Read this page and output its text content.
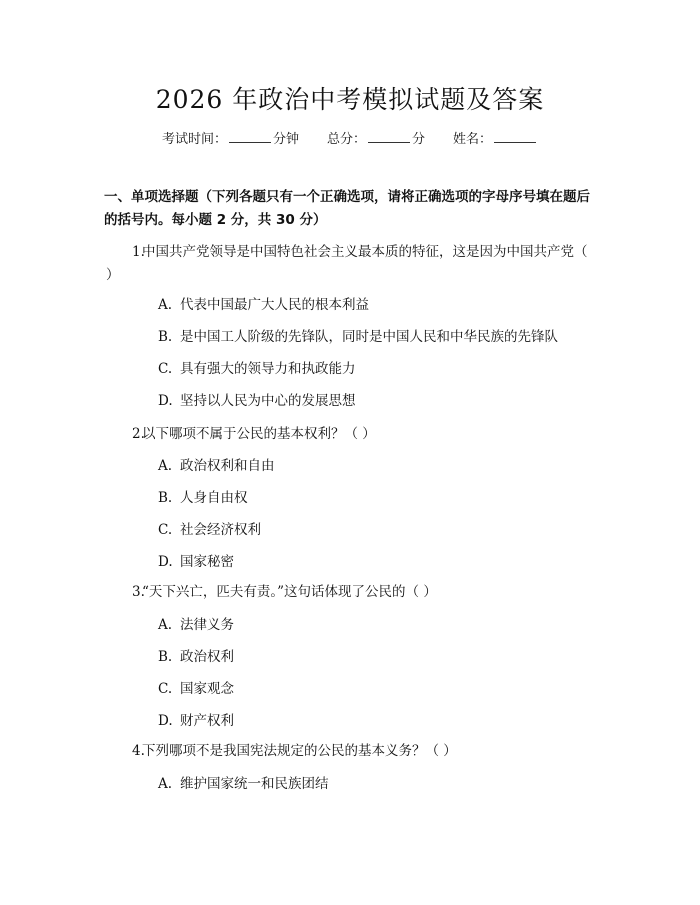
2026 年政治中考模拟试题及答案
考试时间：	分钟 总分：	分 姓名：
一、单项选择题（下列各题只有一个正确选项，请将正确选项的字母序号填在题后的括号内。每小题 2 分，共 30 分）
1.中国共产党领导是中国特色社会主义最本质的特征，这是因为中国共产党（ ）
A. 代表中国最广大人民的根本利益
B. 是中国工人阶级的先锋队，同时是中国人民和中华民族的先锋队
C. 具有强大的领导力和执政能力
D. 坚持以人民为中心的发展思想
2.以下哪项不属于公民的基本权利？（ ）
A. 政治权利和自由
B. 人身自由权
C. 社会经济权利
D. 国家秘密
3.“天下兴亡，匹夫有责。”这句话体现了公民的（ ）
A. 法律义务
B. 政治权利
C. 国家观念
D. 财产权利
4.下列哪项不是我国宪法规定的公民的基本义务？（ ）
A. 维护国家统一和民族团结
